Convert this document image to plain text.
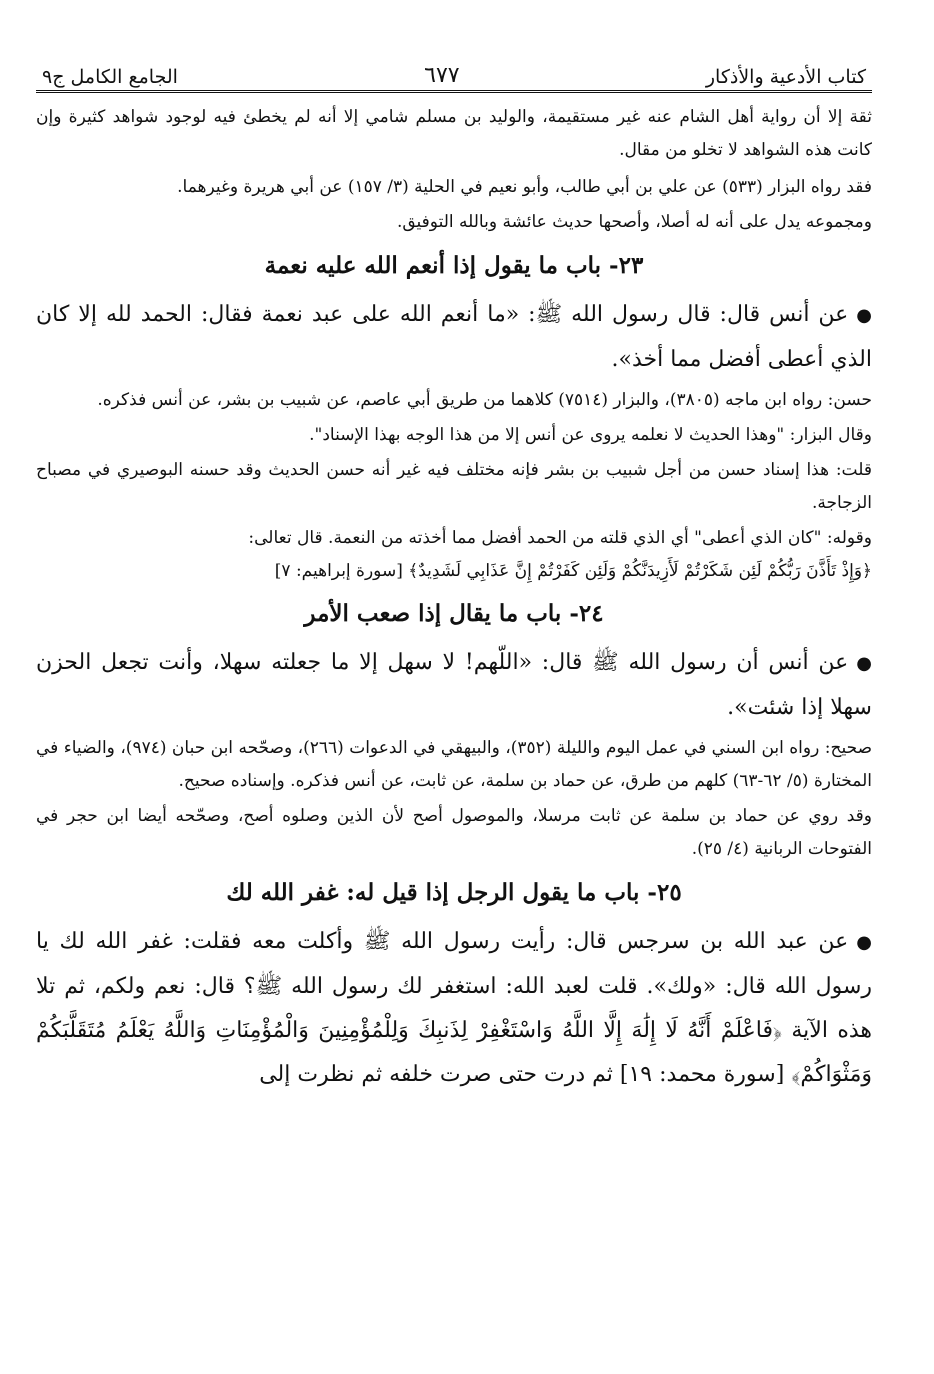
كتاب الأدعية والأذكار
٦٧٧
الجامع الكامل ج٩

ثقة إلا أن رواية أهل الشام عنه غير مستقيمة، والوليد بن مسلم شامي إلا أنه لم يخطئ فيه لوجود شواهد كثيرة وإن كانت هذه الشواهد لا تخلو من مقال.

فقد رواه البزار (٥٣٣) عن علي بن أبي طالب، وأبو نعيم في الحلية (٣/ ١٥٧) عن أبي هريرة وغيرهما.

ومجموعه يدل على أنه له أصلا، وأصحها حديث عائشة وبالله التوفيق.

٢٣- باب ما يقول إذا أنعم الله عليه نعمة

●عن أنس قال: قال رسول الله ﷺ: «ما أنعم الله على عبد نعمة فقال: الحمد لله إلا كان الذي أعطى أفضل مما أخذ».

حسن: رواه ابن ماجه (٣٨٠٥)، والبزار (٧٥١٤) كلاهما من طريق أبي عاصم، عن شبيب بن بشر، عن أنس فذكره.

وقال البزار: "وهذا الحديث لا نعلمه يروى عن أنس إلا من هذا الوجه بهذا الإسناد".

قلت: هذا إسناد حسن من أجل شبيب بن بشر فإنه مختلف فيه غير أنه حسن الحديث وقد حسنه البوصيري في مصباح الزجاجة.

وقوله: "كان الذي أعطى" أي الذي قلته من الحمد أفضل مما أخذته من النعمة. قال تعالى:

﴿وَإِذْ تَأَذَّنَ رَبُّكُمْ لَئِن شَكَرْتُمْ لَأَزِيدَنَّكُمْ وَلَئِن كَفَرْتُمْ إِنَّ عَذَابِي لَشَدِيدٌ﴾ [سورة إبراهيم: ٧]

٢٤- باب ما يقال إذا صعب الأمر

●عن أنس أن رسول الله ﷺ قال: «اللّهم! لا سهل إلا ما جعلته سهلا، وأنت تجعل الحزن سهلا إذا شئت».

صحيح: رواه ابن السني في عمل اليوم والليلة (٣٥٢)، والبيهقي في الدعوات (٢٦٦)، وصحّحه ابن حبان (٩٧٤)، والضياء في المختارة (٥/ ٦٢-٦٣) كلهم من طرق، عن حماد بن سلمة، عن ثابت، عن أنس فذكره. وإسناده صحيح.

وقد روي عن حماد بن سلمة عن ثابت مرسلا، والموصول أصح لأن الذين وصلوه أصح، وصحّحه أيضا ابن حجر في الفتوحات الربانية (٤/ ٢٥).

٢٥- باب ما يقول الرجل إذا قيل له: غفر الله لك

●عن عبد الله بن سرجس قال: رأيت رسول الله ﷺ وأكلت معه فقلت: غفر الله لك يا رسول الله قال: «ولك». قلت لعبد الله: استغفر لك رسول الله ﷺ؟ قال: نعم ولكم، ثم تلا هذه الآية ﴿فَاعْلَمْ أَنَّهُ لَا إِلَٰهَ إِلَّا اللَّهُ وَاسْتَغْفِرْ لِذَنبِكَ وَلِلْمُؤْمِنِينَ وَالْمُؤْمِنَاتِ وَاللَّهُ يَعْلَمُ مُتَقَلَّبَكُمْ وَمَثْوَاكُمْ﴾ [سورة محمد: ١٩] ثم درت حتى صرت خلفه ثم نظرت إلى
